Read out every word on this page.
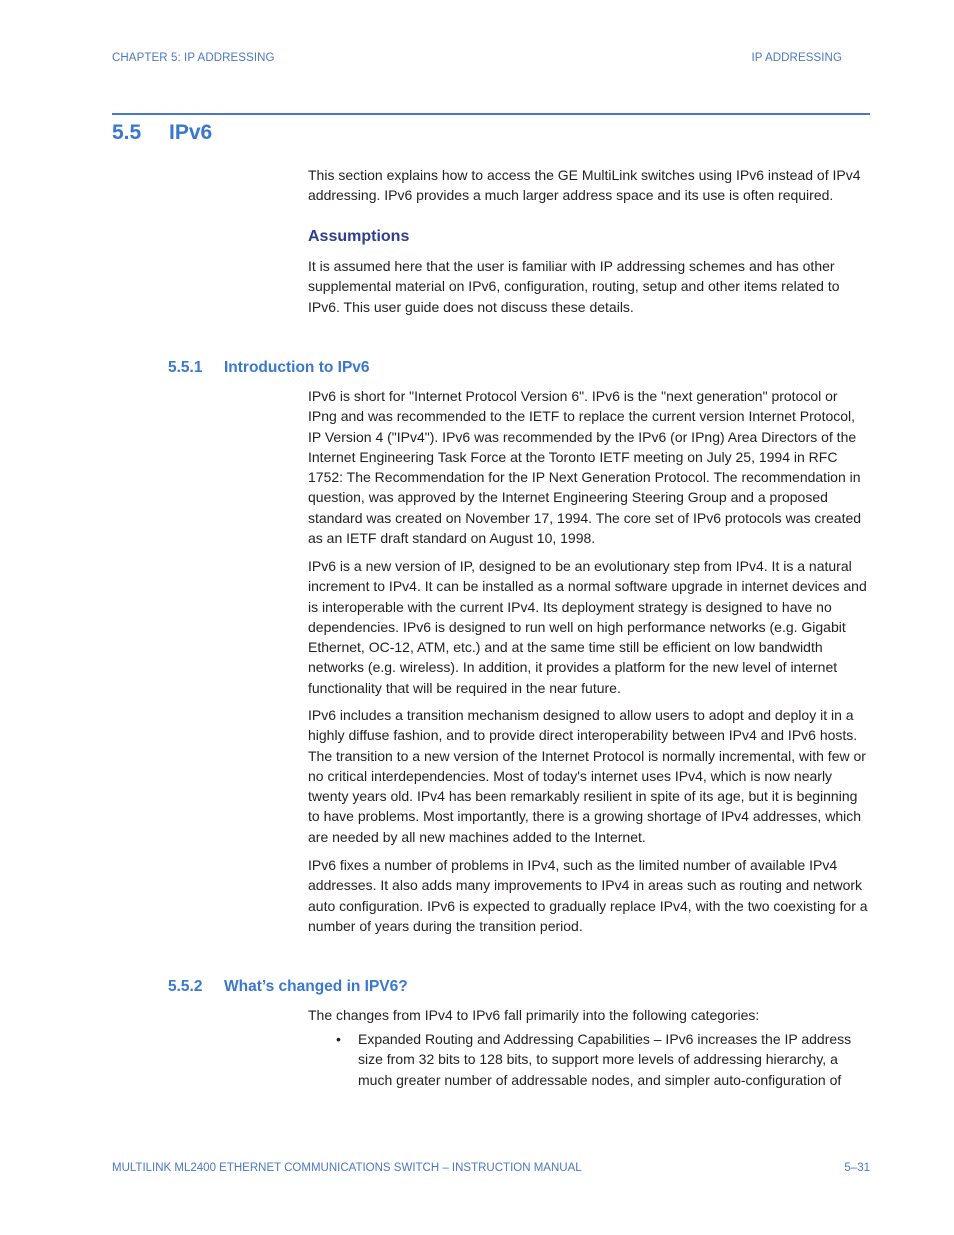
CHAPTER 5: IP ADDRESSING	IP ADDRESSING
5.5 IPv6

This section explains how to access the GE MultiLink switches using IPv6 instead of IPv4 addressing. IPv6 provides a much larger address space and its use is often required.

Assumptions

It is assumed here that the user is familiar with IP addressing schemes and has other supplemental material on IPv6, configuration, routing, setup and other items related to IPv6. This user guide does not discuss these details.

5.5.1 Introduction to IPv6

IPv6 is short for "Internet Protocol Version 6". IPv6 is the "next generation" protocol or IPng and was recommended to the IETF to replace the current version Internet Protocol, IP Version 4 ("IPv4"). IPv6 was recommended by the IPv6 (or IPng) Area Directors of the Internet Engineering Task Force at the Toronto IETF meeting on July 25, 1994 in RFC 1752: The Recommendation for the IP Next Generation Protocol. The recommendation in question, was approved by the Internet Engineering Steering Group and a proposed standard was created on November 17, 1994. The core set of IPv6 protocols was created as an IETF draft standard on August 10, 1998.

IPv6 is a new version of IP, designed to be an evolutionary step from IPv4. It is a natural increment to IPv4. It can be installed as a normal software upgrade in internet devices and is interoperable with the current IPv4. Its deployment strategy is designed to have no dependencies. IPv6 is designed to run well on high performance networks (e.g. Gigabit Ethernet, OC-12, ATM, etc.) and at the same time still be efficient on low bandwidth networks (e.g. wireless). In addition, it provides a platform for the new level of internet functionality that will be required in the near future.

IPv6 includes a transition mechanism designed to allow users to adopt and deploy it in a highly diffuse fashion, and to provide direct interoperability between IPv4 and IPv6 hosts. The transition to a new version of the Internet Protocol is normally incremental, with few or no critical interdependencies. Most of today's internet uses IPv4, which is now nearly twenty years old. IPv4 has been remarkably resilient in spite of its age, but it is beginning to have problems. Most importantly, there is a growing shortage of IPv4 addresses, which are needed by all new machines added to the Internet.

IPv6 fixes a number of problems in IPv4, such as the limited number of available IPv4 addresses. It also adds many improvements to IPv4 in areas such as routing and network auto configuration. IPv6 is expected to gradually replace IPv4, with the two coexisting for a number of years during the transition period.

5.5.2 What’s changed in IPV6?

The changes from IPv4 to IPv6 fall primarily into the following categories:

• Expanded Routing and Addressing Capabilities – IPv6 increases the IP address size from 32 bits to 128 bits, to support more levels of addressing hierarchy, a much greater number of addressable nodes, and simpler auto-configuration of
MULTILINK ML2400 ETHERNET COMMUNICATIONS SWITCH – INSTRUCTION MANUAL	5–31
